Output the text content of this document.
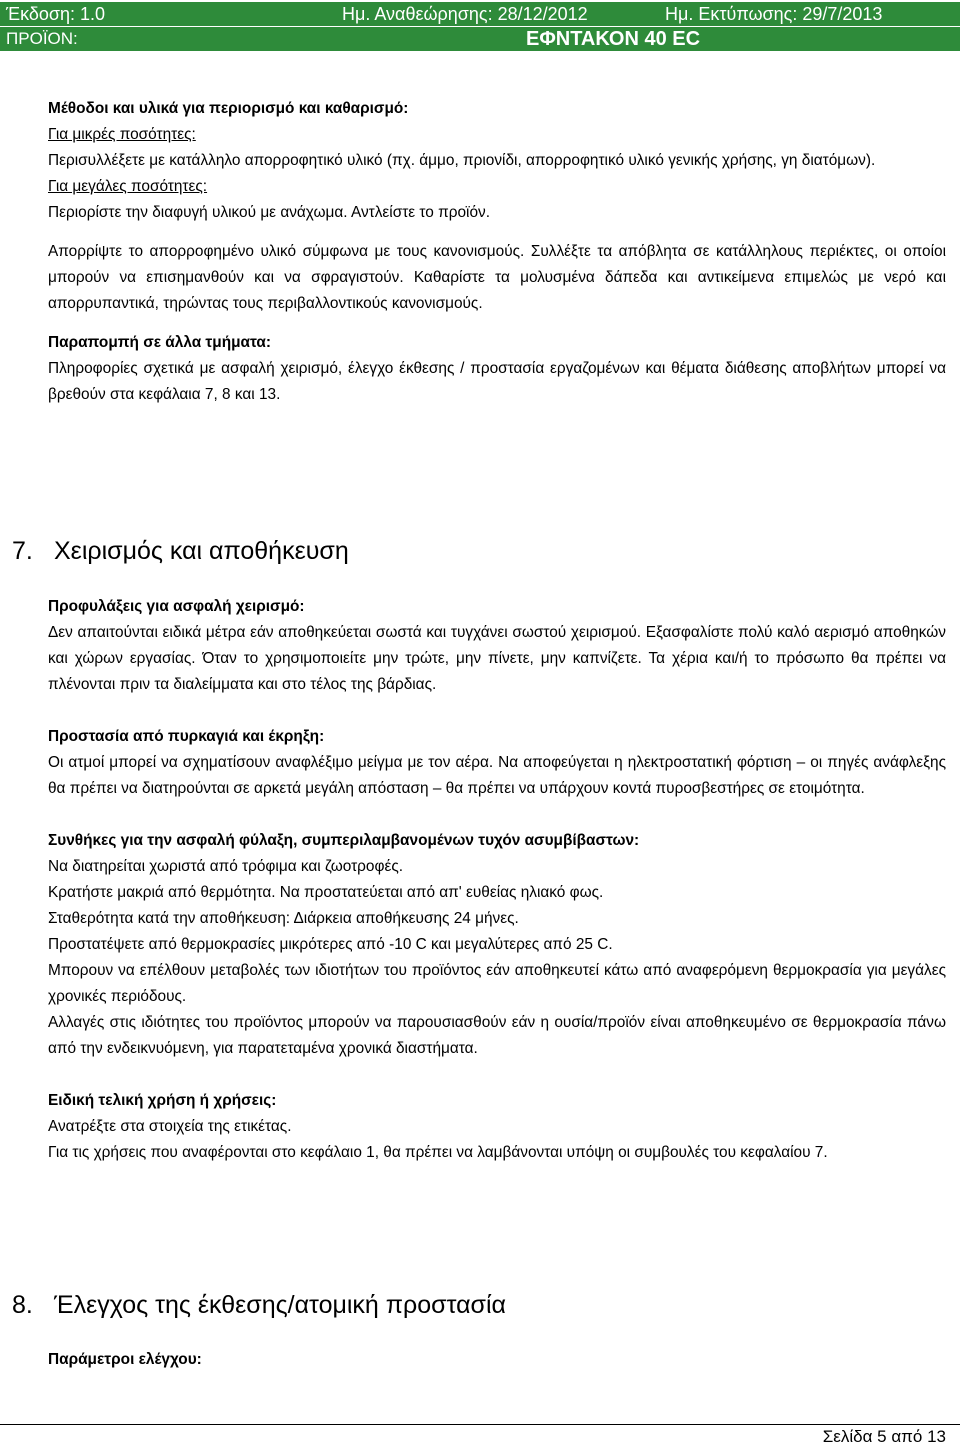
Έκδοση: 1.0	Ημ. Αναθεώρησης: 28/12/2012	Ημ. Εκτύπωσης: 29/7/2013
ΠΡΟΪΟΝ:	ΕΦΝΤΑΚΟΝ 40 EC

Μέθοδοι και υλικά για περιορισμό και καθαρισμό:

Για μικρές ποσότητες:

Περισυλλέξετε με κατάλληλο απορροφητικό υλικό (πχ. άμμο, πριονίδι, απορροφητικό υλικό γενικής χρήσης, γη διατόμων).

Για μεγάλες ποσότητες:

Περιορίστε την διαφυγή υλικού με ανάχωμα. Αντλείστε το προϊόν.

Απορρίψτε το απορροφημένο υλικό σύμφωνα με τους κανονισμούς. Συλλέξτε τα απόβλητα σε κατάλληλους περιέκτες, οι οποίοι μπορούν να επισημανθούν και να σφραγιστούν. Καθαρίστε τα μολυσμένα δάπεδα και αντικείμενα επιμελώς με νερό και απορρυπαντικά, τηρώντας τους περιβαλλοντικούς κανονισμούς.

Παραπομπή σε άλλα τμήματα:

Πληροφορίες σχετικά με ασφαλή χειρισμό, έλεγχο έκθεσης / προστασία εργαζομένων και θέματα διάθεσης αποβλήτων μπορεί να βρεθούν στα κεφάλαια 7, 8 και 13.

7. Χειρισμός και αποθήκευση

Προφυλάξεις για ασφαλή χειρισμό:

Δεν απαιτούνται ειδικά μέτρα εάν αποθηκεύεται σωστά και τυγχάνει σωστού χειρισμού. Εξασφαλίστε πολύ καλό αερισμό αποθηκών και χώρων εργασίας. Όταν το χρησιμοποιείτε μην τρώτε, μην πίνετε, μην καπνίζετε. Τα χέρια και/ή το πρόσωπο θα πρέπει να πλένονται πριν τα διαλείμματα και στο τέλος της βάρδιας.

Προστασία από πυρκαγιά και έκρηξη:

Οι ατμοί μπορεί να σχηματίσουν αναφλέξιμο μείγμα με τον αέρα. Να αποφεύγεται η ηλεκτροστατική φόρτιση – οι πηγές ανάφλεξης θα πρέπει να διατηρούνται σε αρκετά μεγάλη απόσταση – θα πρέπει να υπάρχουν κοντά πυροσβεστήρες σε ετοιμότητα.

Συνθήκες για την ασφαλή φύλαξη, συμπεριλαμβανομένων τυχόν ασυμβίβαστων:

Να διατηρείται χωριστά από τρόφιμα και ζωοτροφές.

Κρατήστε μακριά από θερμότητα. Να προστατεύεται από απ' ευθείας ηλιακό φως.

Σταθερότητα κατά την αποθήκευση: Διάρκεια αποθήκευσης 24 μήνες.

Προστατέψετε από θερμοκρασίες μικρότερες από -10 C και μεγαλύτερες από 25 C.

Μπορουν να επέλθουν μεταβολές των ιδιοτήτων του προϊόντος εάν αποθηκευτεί κάτω από αναφερόμενη θερμοκρασία για μεγάλες χρονικές περιόδους.

Αλλαγές στις ιδιότητες του προϊόντος μπορούν να παρουσιασθούν εάν η ουσία/προϊόν είναι αποθηκευμένο σε θερμοκρασία πάνω από την ενδεικνυόμενη, για παρατεταμένα χρονικά διαστήματα.

Ειδική τελική χρήση ή χρήσεις:

Ανατρέξτε στα στοιχεία της ετικέτας.

Για τις χρήσεις που αναφέρονται στο κεφάλαιο 1, θα πρέπει να λαμβάνονται υπόψη οι συμβουλές του κεφαλαίου 7.

8. Έλεγχος της έκθεσης/ατομική προστασία

Παράμετροι ελέγχου:

Σελίδα 5 από 13
